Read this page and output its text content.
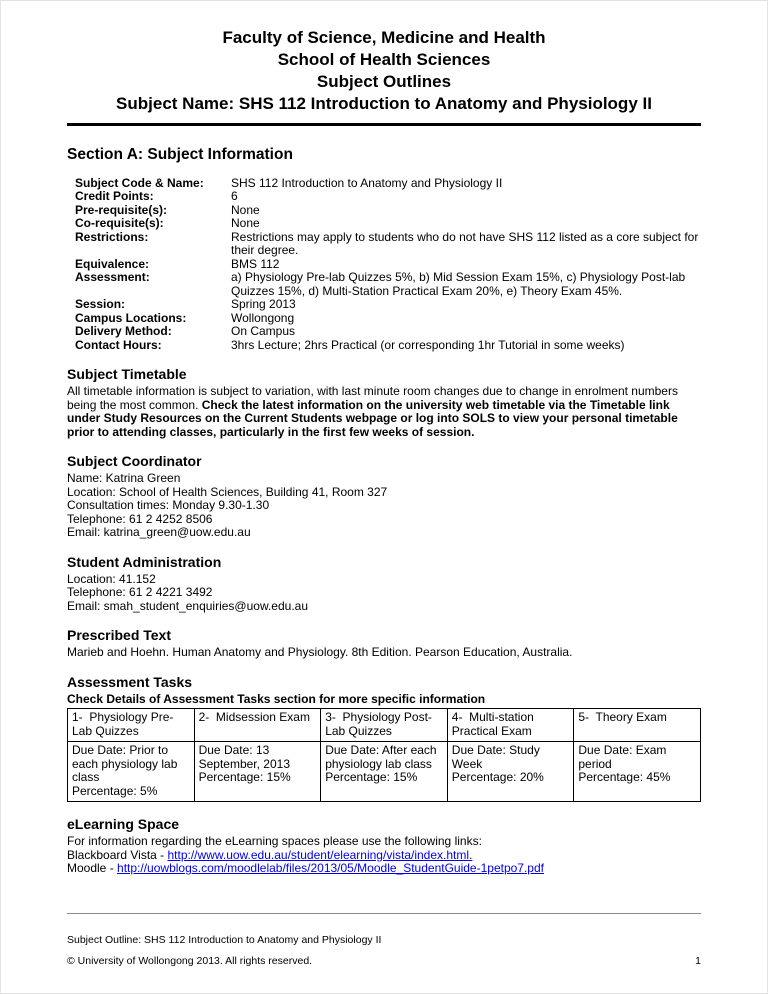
Faculty of Science, Medicine and Health
School of Health Sciences
Subject Outlines
Subject Name: SHS 112 Introduction to Anatomy and Physiology II
Section A: Subject Information
Subject Code & Name:	SHS 112 Introduction to Anatomy and Physiology II
Credit Points:	6
Pre-requisite(s):	None
Co-requisite(s):	None
Restrictions:	Restrictions may apply to students who do not have SHS 112 listed as a core subject for their degree.
Equivalence:	BMS 112
Assessment:	a) Physiology Pre-lab Quizzes 5%, b) Mid Session Exam 15%, c) Physiology Post-lab Quizzes 15%, d) Multi-Station Practical Exam 20%, e) Theory Exam 45%.
Session:	Spring 2013
Campus Locations:	Wollongong
Delivery Method:	On Campus
Contact Hours:	3hrs Lecture; 2hrs Practical (or corresponding 1hr Tutorial in some weeks)
Subject Timetable

All timetable information is subject to variation, with last minute room changes due to change in enrolment numbers being the most common. Check the latest information on the university web timetable via the Timetable link under Study Resources on the Current Students webpage or log into SOLS to view your personal timetable prior to attending classes, particularly in the first few weeks of session.

Subject Coordinator
Name: Katrina Green
Location: School of Health Sciences, Building 41, Room 327
Consultation times: Monday 9.30-1.30
Telephone: 61 2 4252 8506
Email: katrina_green@uow.edu.au
Student Administration
Location: 41.152
Telephone: 61 2 4221 3492
Email: smah_student_enquiries@uow.edu.au
Prescribed Text
Marieb and Hoehn. Human Anatomy and Physiology. 8th Edition. Pearson Education, Australia.
Assessment Tasks
Check Details of Assessment Tasks section for more specific information
1-  Physiology Pre-Lab Quizzes	2-  Midsession Exam	3-  Physiology Post-Lab Quizzes	4-  Multi-station Practical Exam	5-  Theory Exam

Due Date: Prior to each physiology lab class
Percentage: 5%

Due Date: 13 September, 2013
Percentage: 15%

Due Date: After each physiology lab class
Percentage: 15%

Due Date: Study Week
Percentage: 20%

Due Date: Exam period
Percentage: 45%
eLearning Space
For information regarding the eLearning spaces please use the following links:
Blackboard Vista - http://www.uow.edu.au/student/elearning/vista/index.html.
Moodle - http://uowblogs.com/moodlelab/files/2013/05/Moodle_StudentGuide-1petpo7.pdf
Subject Outline: SHS 112 Introduction to Anatomy and Physiology II
© University of Wollongong 2013. All rights reserved.	1
